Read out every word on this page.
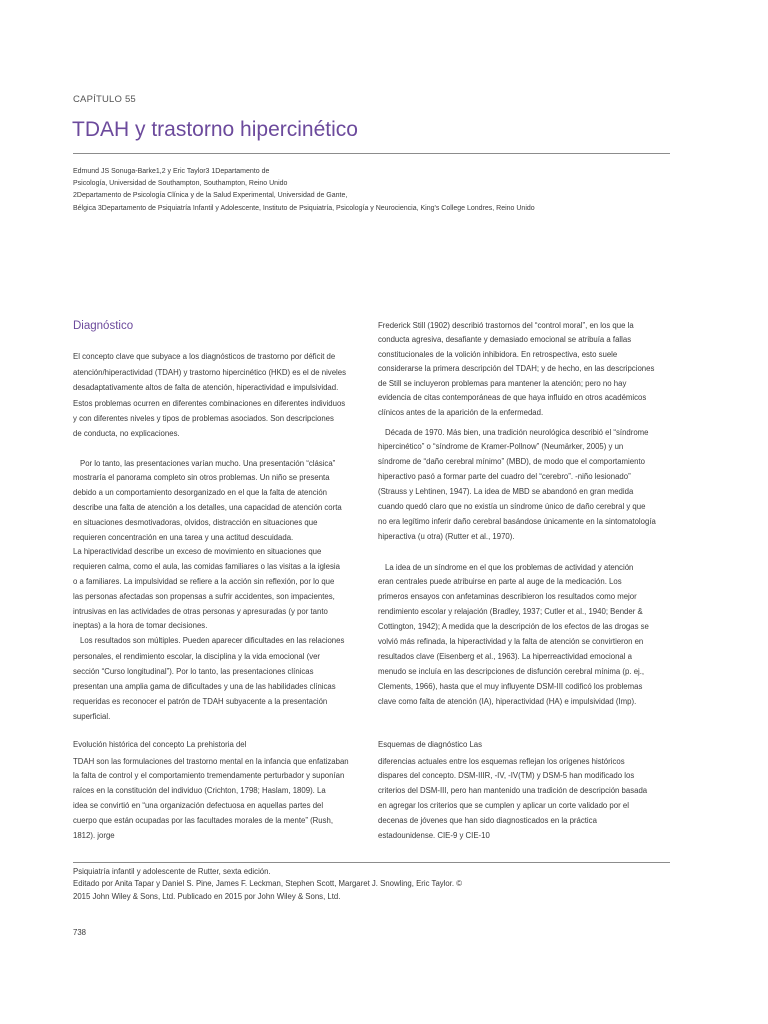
CAPÍTULO 55
TDAH y trastorno hipercinético
Edmund JS Sonuga-Barke1,2 y Eric Taylor3 1Departamento de
Psicología, Universidad de Southampton, Southampton, Reino Unido
2Departamento de Psicología Clínica y de la Salud Experimental, Universidad de Gante,
Bélgica 3Departamento de Psiquiatría Infantil y Adolescente, Instituto de Psiquiatría, Psicología y Neurociencia, King's College Londres, Reino Unido
Diagnóstico
El concepto clave que subyace a los diagnósticos de trastorno por déficit de
atención/hiperactividad (TDAH) y trastorno hipercinético (HKD) es el de niveles
desadaptativamente altos de falta de atención, hiperactividad e impulsividad.
Estos problemas ocurren en diferentes combinaciones en diferentes individuos
y con diferentes niveles y tipos de problemas asociados. Son descripciones
de conducta, no explicaciones.
Por lo tanto, las presentaciones varían mucho. Una presentación “clásica”
mostraría el panorama completo sin otros problemas. Un niño se presenta
debido a un comportamiento desorganizado en el que la falta de atención
describe una falta de atención a los detalles, una capacidad de atención corta
en situaciones desmotivadoras, olvidos, distracción en situaciones que
requieren concentración en una tarea y una actitud descuidada.
La hiperactividad describe un exceso de movimiento en situaciones que
requieren calma, como el aula, las comidas familiares o las visitas a la iglesia
o a familiares. La impulsividad se refiere a la acción sin reflexión, por lo que
las personas afectadas son propensas a sufrir accidentes, son impacientes,
intrusivas en las actividades de otras personas y apresuradas (y por tanto
ineptas) a la hora de tomar decisiones.
Los resultados son múltiples. Pueden aparecer dificultades en las relaciones
personales, el rendimiento escolar, la disciplina y la vida emocional (ver
sección “Curso longitudinal”). Por lo tanto, las presentaciones clínicas
presentan una amplia gama de dificultades y una de las habilidades clínicas
requeridas es reconocer el patrón de TDAH subyacente a la presentación
superficial.
Evolución histórica del concepto La prehistoria del
TDAH son las formulaciones del trastorno mental en la infancia que enfatizaban
la falta de control y el comportamiento tremendamente perturbador y suponían
raíces en la constitución del individuo (Crichton, 1798; Haslam, 1809). La
idea se convirtió en “una organización defectuosa en aquellas partes del
cuerpo que están ocupadas por las facultades morales de la mente” (Rush,
1812). jorge
Frederick Still (1902) describió trastornos del “control moral”, en los que la
conducta agresiva, desafiante y demasiado emocional se atribuía a fallas
constitucionales de la volición inhibidora. En retrospectiva, esto suele
considerarse la primera descripción del TDAH; y de hecho, en las descripciones
de Still se incluyeron problemas para mantener la atención; pero no hay
evidencia de citas contemporáneas de que haya influido en otros académicos
clínicos antes de la aparición de la enfermedad.
Década de 1970. Más bien, una tradición neurológica describió el “síndrome
hipercinético” o “síndrome de Kramer-Pollnow” (Neumärker, 2005) y un
síndrome de “daño cerebral mínimo” (MBD), de modo que el comportamiento
hiperactivo pasó a formar parte del cuadro del “cerebro”. -niño lesionado”
(Strauss y Lehtinen, 1947). La idea de MBD se abandonó en gran medida
cuando quedó claro que no existía un síndrome único de daño cerebral y que
no era legítimo inferir daño cerebral basándose únicamente en la sintomatología
hiperactiva (u otra) (Rutter et al., 1970).
La idea de un síndrome en el que los problemas de actividad y atención
eran centrales puede atribuirse en parte al auge de la medicación. Los
primeros ensayos con anfetaminas describieron los resultados como mejor
rendimiento escolar y relajación (Bradley, 1937; Cutler et al., 1940; Bender &
Cottington, 1942); A medida que la descripción de los efectos de las drogas se
volvió más refinada, la hiperactividad y la falta de atención se convirtieron en
resultados clave (Eisenberg et al., 1963). La hiperreactividad emocional a
menudo se incluía en las descripciones de disfunción cerebral mínima (p. ej.,
Clements, 1966), hasta que el muy influyente DSM-III codificó los problemas
clave como falta de atención (IA), hiperactividad (HA) e impulsividad (Imp).
Esquemas de diagnóstico Las
diferencias actuales entre los esquemas reflejan los orígenes históricos
dispares del concepto. DSM-IIIR, -IV, -IV(TM) y DSM-5 han modificado los
criterios del DSM-III, pero han mantenido una tradición de descripción basada
en agregar los criterios que se cumplen y aplicar un corte validado por el
decenas de jóvenes que han sido diagnosticados en la práctica
estadounidense. CIE-9 y CIE-10
Psiquiatría infantil y adolescente de Rutter, sexta edición.
Editado por Anita Tapar y Daniel S. Pine, James F. Leckman, Stephen Scott, Margaret J. Snowling, Eric Taylor. ©
2015 John Wiley & Sons, Ltd. Publicado en 2015 por John Wiley & Sons, Ltd.
738
